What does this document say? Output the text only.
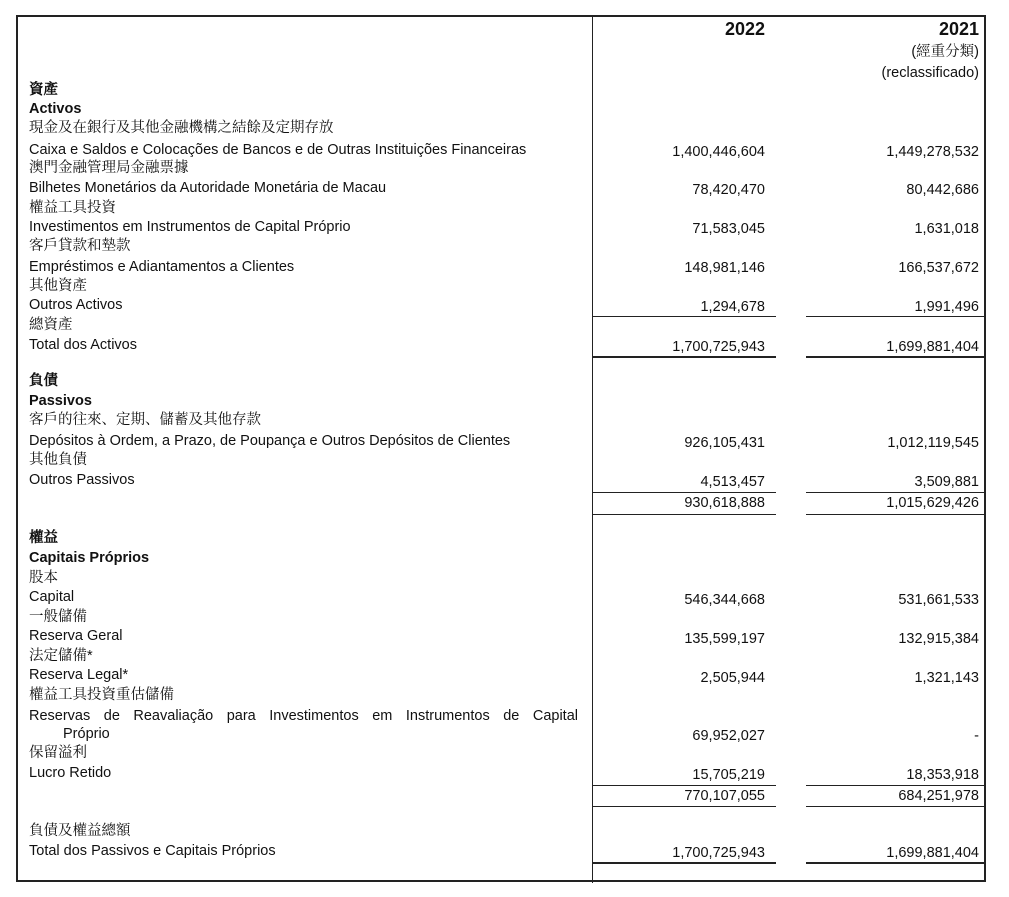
2022	2021
(經重分類)
(reclassificado)
資產
Activos
現金及在銀行及其他金融機構之結餘及定期存放
Caixa e Saldos e Colocações de Bancos e de Outras Instituições Financeiras	1,400,446,604	1,449,278,532
澳門金融管理局金融票據
Bilhetes Monetários da Autoridade Monetária de Macau	78,420,470	80,442,686
權益工具投資
Investimentos em Instrumentos de Capital Próprio	71,583,045	1,631,018
客戶貸款和墊款
Empréstimos e Adiantamentos a Clientes	148,981,146	166,537,672
其他資產
Outros Activos	1,294,678	1,991,496
總資產
Total dos Activos	1,700,725,943	1,699,881,404
負債
Passivos
客戶的往來、定期、儲蓄及其他存款
Depósitos à Ordem, a Prazo, de Poupança e Outros Depósitos de Clientes	926,105,431	1,012,119,545
其他負債
Outros Passivos	4,513,457	3,509,881
930,618,888	1,015,629,426
權益
Capitais Próprios
股本
Capital	546,344,668	531,661,533
一般儲備
Reserva Geral	135,599,197	132,915,384
法定儲備*
Reserva Legal*	2,505,944	1,321,143
權益工具投資重估儲備
Reservas de Reavaliação para Investimentos em Instrumentos de Capital
Próprio	69,952,027	-
保留溢利
Lucro Retido	15,705,219	18,353,918
770,107,055	684,251,978
負債及權益總額
Total dos Passivos e Capitais Próprios	1,700,725,943	1,699,881,404
